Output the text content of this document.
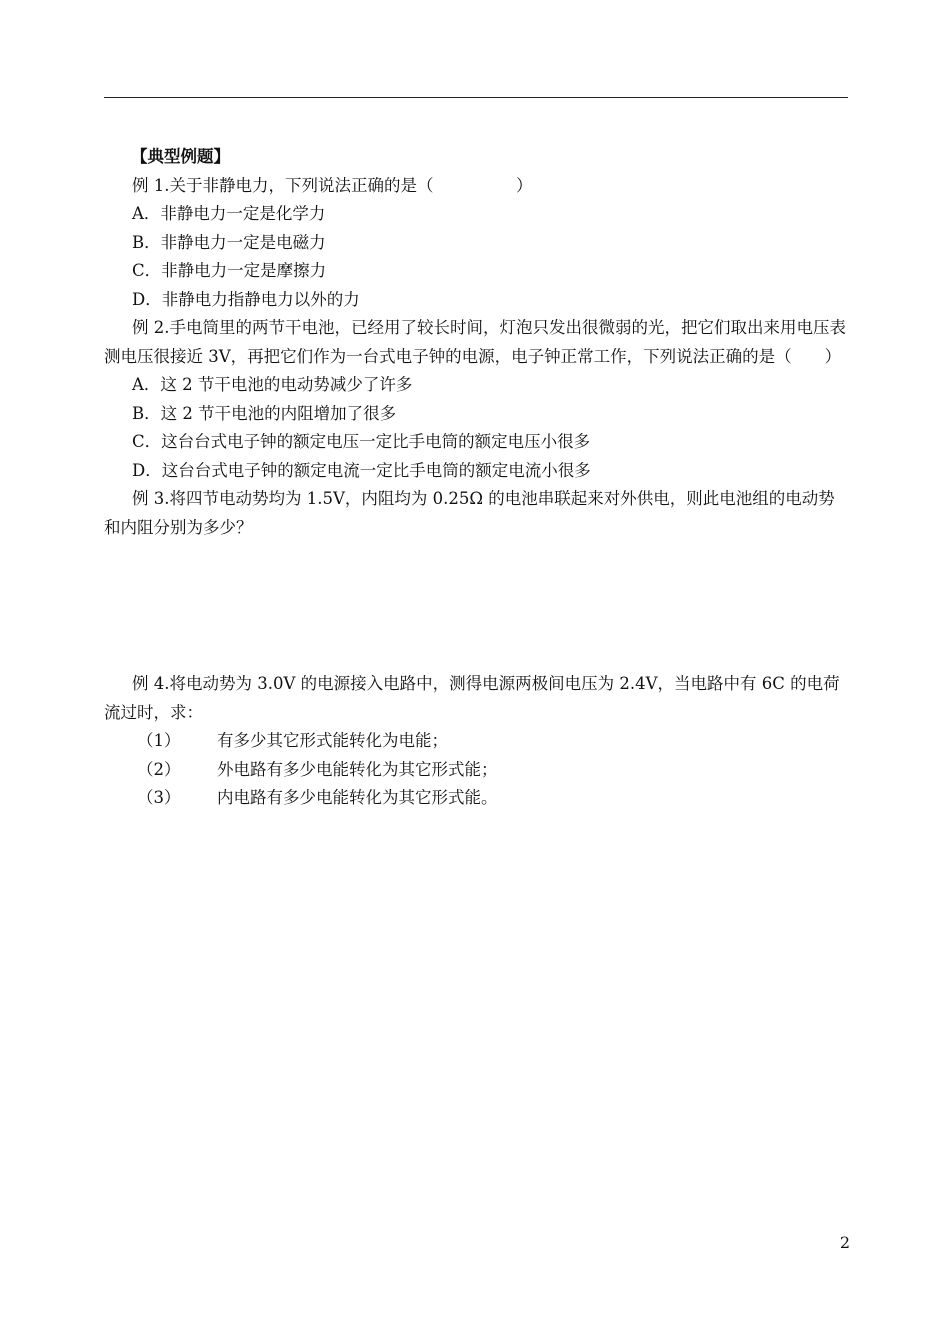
【典型例题】
例 1.关于非静电力，下列说法正确的是（　　　　　）
A．非静电力一定是化学力
B．非静电力一定是电磁力
C．非静电力一定是摩擦力
D．非静电力指静电力以外的力
例 2.手电筒里的两节干电池，已经用了较长时间，灯泡只发出很微弱的光，把它们取出来用电压表测电压很接近 3V，再把它们作为一台式电子钟的电源，电子钟正常工作，下列说法正确的是（　　）
A．这 2 节干电池的电动势减少了许多
B．这 2 节干电池的内阻增加了很多
C．这台台式电子钟的额定电压一定比手电筒的额定电压小很多
D．这台台式电子钟的额定电流一定比手电筒的额定电流小很多
例 3.将四节电动势均为 1.5V，内阻均为 0.25Ω 的电池串联起来对外供电，则此电池组的电动势和内阻分别为多少？
例 4.将电动势为 3.0V 的电源接入电路中，测得电源两极间电压为 2.4V，当电路中有 6C 的电荷流过时，求：
（1）	有多少其它形式能转化为电能；
（2）	外电路有多少电能转化为其它形式能；
（3）	内电路有多少电能转化为其它形式能。
2
